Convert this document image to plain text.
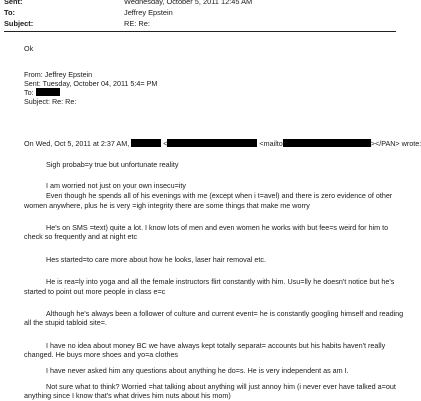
Sent:	Wednesday, October 5, 2011 12:45 AM
To:	Jeffrey Epstein
Subject:	RE: Re:
Ok
From: Jeffrey Epstein
Sent: Tuesday, October 04, 2011 5:4= PM
To:
Subject: Re: Re:
On Wed, Oct 5, 2011 at 2:37 AM,	<	<mailto	></PAN> wrote:
Sigh probab=y true but unfortunate reality
I am worried not just on your own insecu=ity
Even though he spends all of his evenings with me (except when i t=avel) and there is zero evidence of other
women anywhere, plus he is very =igh integrity there are some things that make me worry
He's on SMS =text) quite a lot. I know lots of men and even women he works with but fee=s weird for him to
check so frequently and at night etc
Hes started=to care more about how he looks, laser hair removal etc.
He is rea=ly into yoga and all the female instructors flirt constantly with him. Usu=lly he doesn't notice but he's
started to point out more people in class e=c
Although he's always been a follower of culture and current event= he is constantly googling himself and reading
all the stupid tabloid site=.
I have no idea about money BC we have always kept totally separat= accounts but his habits haven't really
changed. He buys more shoes and yo=a clothes
I have never asked him any questions about anything he do=s. He is very independent as am I.
Not sure what to think? Worried =hat talking about anything will just annoy him (i never ever have talked a=out
anything since I know that's what drives him nuts about his mom)
